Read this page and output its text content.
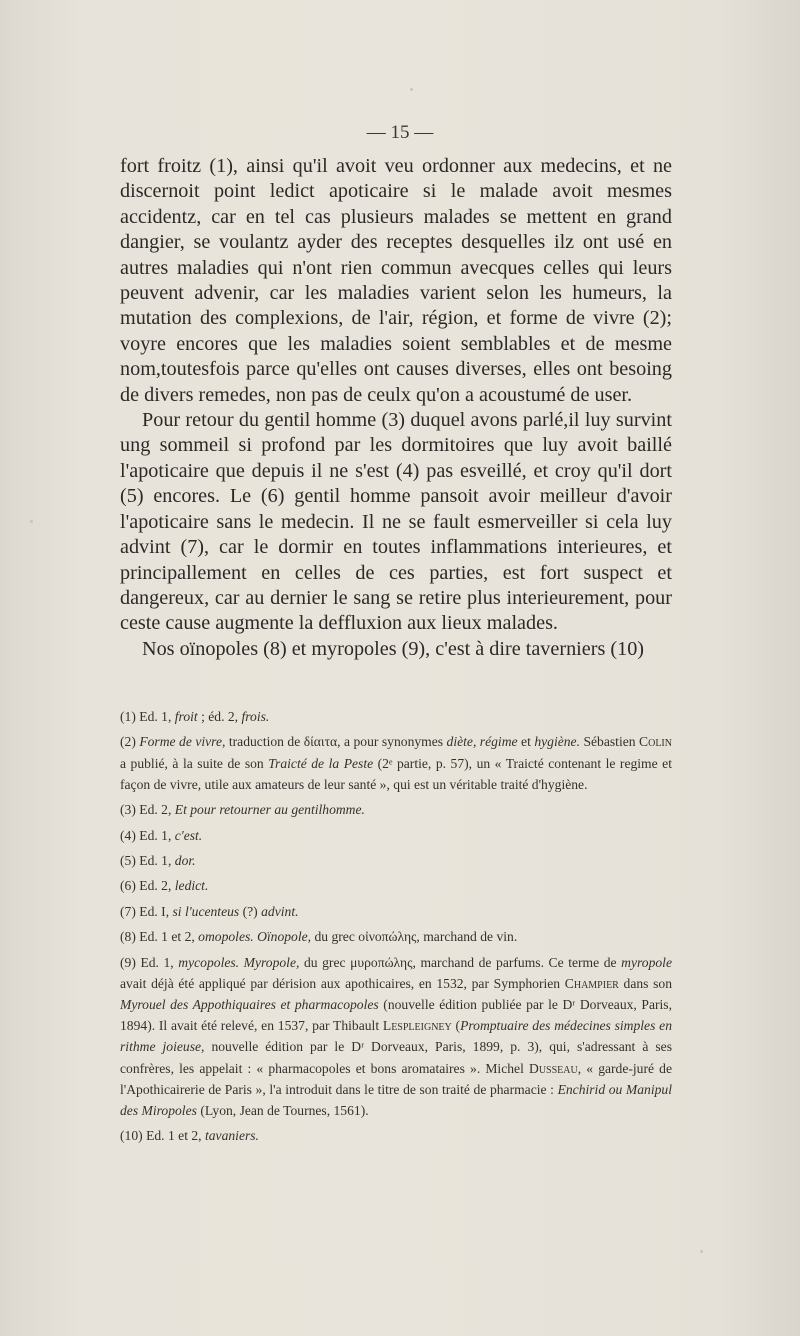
— 15 —

fort froitz (1), ainsi qu'il avoit veu ordonner aux medecins, et ne discernoit point ledict apoticaire si le malade avoit mesmes accidentz, car en tel cas plusieurs malades se mettent en grand dangier, se voulantz ayder des receptes desquelles ilz ont usé en autres maladies qui n'ont rien commun avecques celles qui leurs peuvent advenir, car les maladies varient selon les humeurs, la mutation des complexions, de l'air, région, et forme de vivre (2); voyre encores que les maladies soient semblables et de mesme nom,toutesfois parce qu'elles ont causes diverses, elles ont besoing de divers remedes, non pas de ceulx qu'on a acoustumé de user.

Pour retour du gentil homme (3) duquel avons parlé,il luy survint ung sommeil si profond par les dormitoires que luy avoit baillé l'apoticaire que depuis il ne s'est (4) pas esveillé, et croy qu'il dort (5) encores. Le (6) gentil homme pansoit avoir meilleur d'avoir l'apoticaire sans le medecin. Il ne se fault esmerveiller si cela luy advint (7), car le dormir en toutes inflammations interieures, et principallement en celles de ces parties, est fort suspect et dangereux, car au dernier le sang se retire plus interieurement, pour ceste cause augmente la deffluxion aux lieux malades.

Nos oïnopoles (8) et myropoles (9), c'est à dire taverniers (10)

(1) Ed. 1, froit ; éd. 2, frois.

(2) Forme de vivre, traduction de δίαιτα, a pour synonymes diète, régime et hygiène. Sébastien Colin a publié, à la suite de son Traicté de la Peste (2ᵉ partie, p. 57), un « Traicté contenant le regime et façon de vivre, utile aux amateurs de leur santé », qui est un véritable traité d'hygiène.

(3) Ed. 2, Et pour retourner au gentilhomme.

(4) Ed. 1, c'est.

(5) Ed. 1, dor.

(6) Ed. 2, ledict.

(7) Ed. I, si l'ucenteus (?) advint.

(8) Ed. 1 et 2, omopoles. Oïnopole, du grec οἰνοπώλης, marchand de vin.

(9) Ed. 1, mycopoles. Myropole, du grec μυροπώλης, marchand de parfums. Ce terme de myropole avait déjà été appliqué par dérision aux apothicaires, en 1532, par Symphorien Champier dans son Myrouel des Appothiquaires et pharmacopoles (nouvelle édition publiée par le Dʳ Dorveaux, Paris, 1894). Il avait été relevé, en 1537, par Thibault Lespleigney (Promptuaire des médecines simples en rithme joieuse, nouvelle édition par le Dʳ Dorveaux, Paris, 1899, p. 3), qui, s'adressant à ses confrères, les appelait : « pharmacopoles et bons aromataires ». Michel Dusseau, « garde-juré de l'Apothicairerie de Paris », l'a introduit dans le titre de son traité de pharmacie : Enchirid ou Manipul des Miropoles (Lyon, Jean de Tournes, 1561).

(10) Ed. 1 et 2, tavaniers.
